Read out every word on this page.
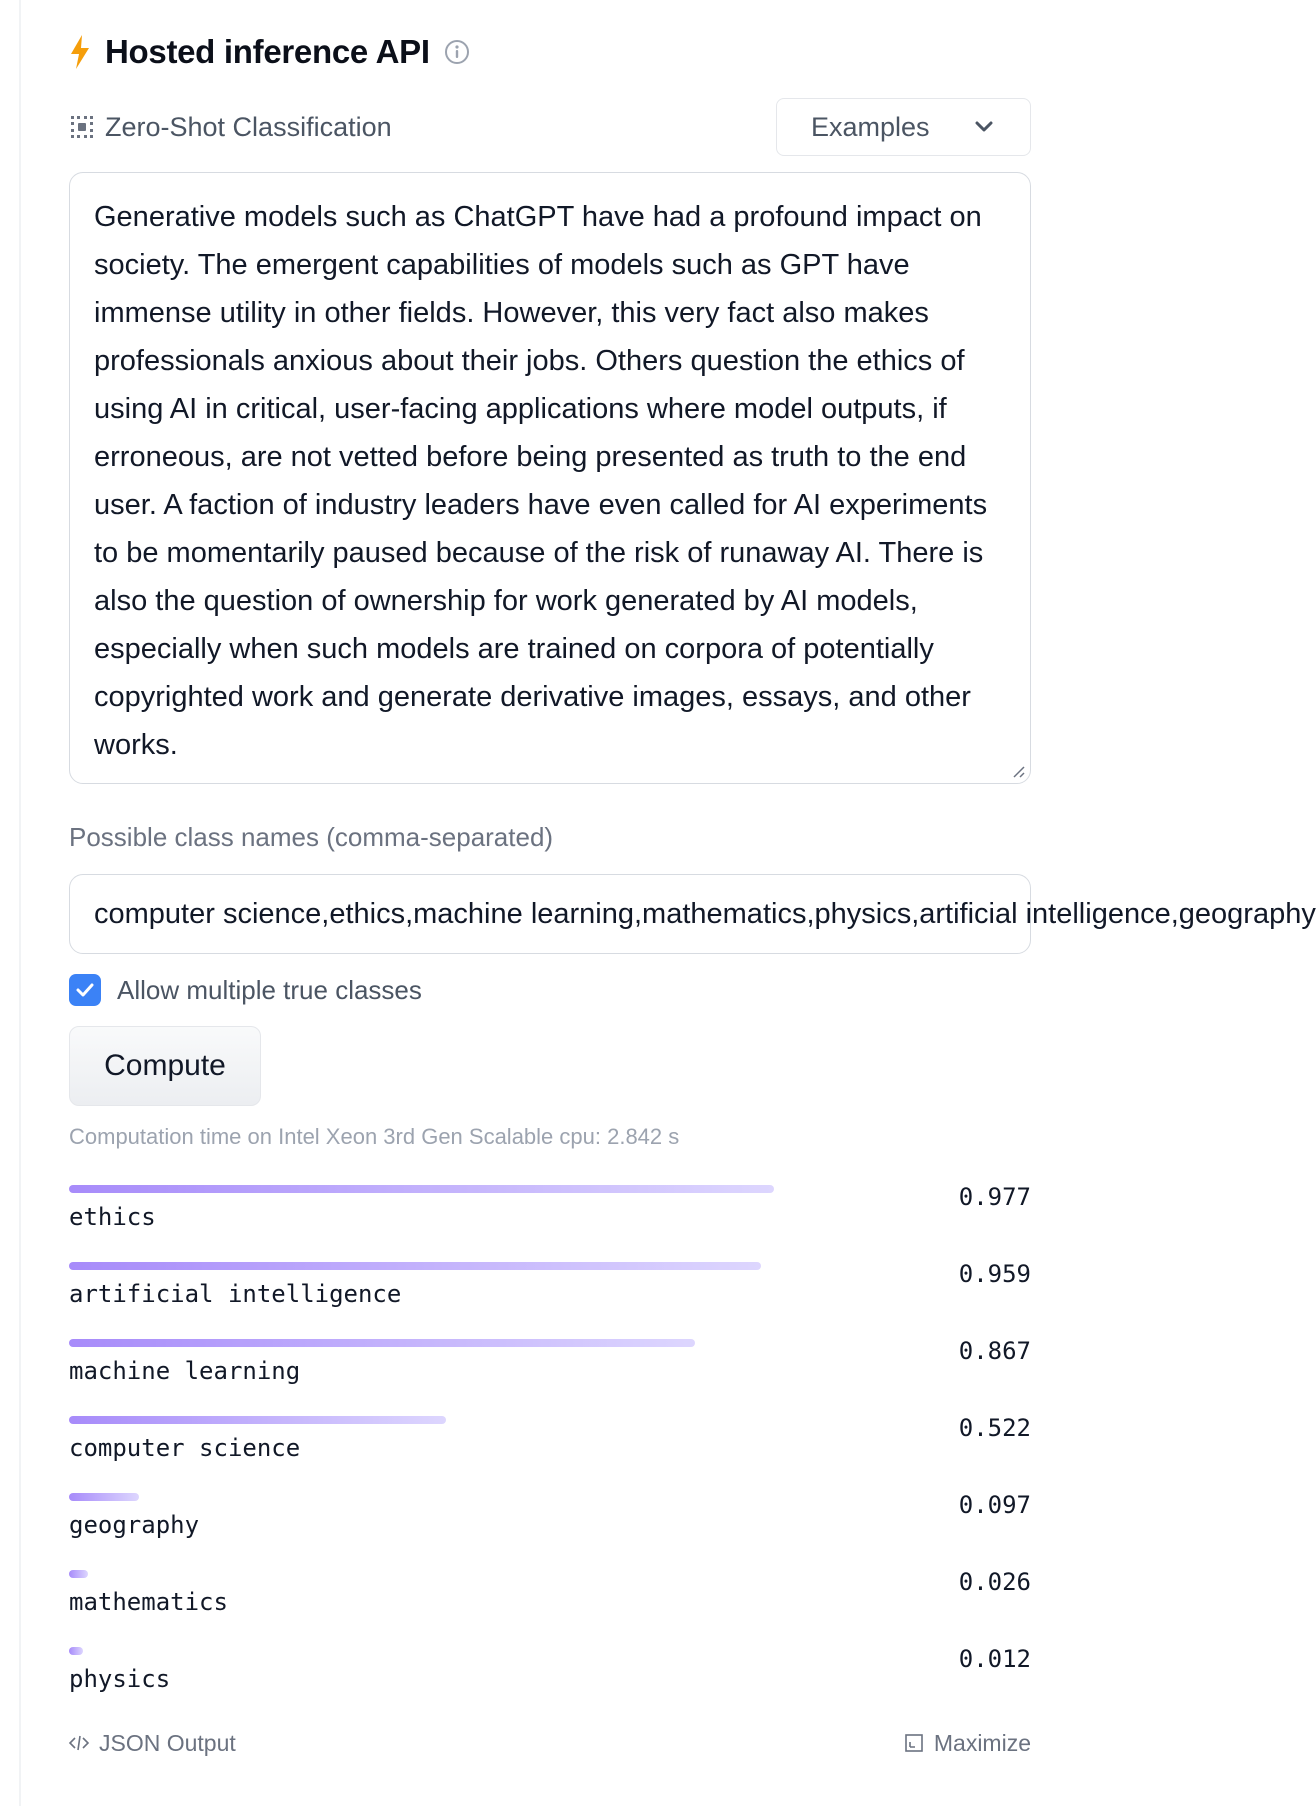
Hosted inference API
Zero-Shot Classification	Examples
Generative models such as ChatGPT have had a profound impact on society. The emergent capabilities of models such as GPT have immense utility in other fields. However, this very fact also makes professionals anxious about their jobs. Others question the ethics of using AI in critical, user-facing applications where model outputs, if erroneous, are not vetted before being presented as truth to the end user. A faction of industry leaders have even called for AI experiments to be momentarily paused because of the risk of runaway AI. There is also the question of ownership for work generated by AI models, especially when such models are trained on corpora of potentially copyrighted work and generate derivative images, essays, and other works.
Possible class names (comma-separated)
computer science,ethics,machine learning,mathematics,physics,artificial intelligence,geography
Allow multiple true classes
Compute
Computation time on Intel Xeon 3rd Gen Scalable cpu: 2.842 s
ethics
0.977
artificial intelligence
0.959
machine learning
0.867
computer science
0.522
geography
0.097
mathematics
0.026
physics
0.012
JSON Output	Maximize
